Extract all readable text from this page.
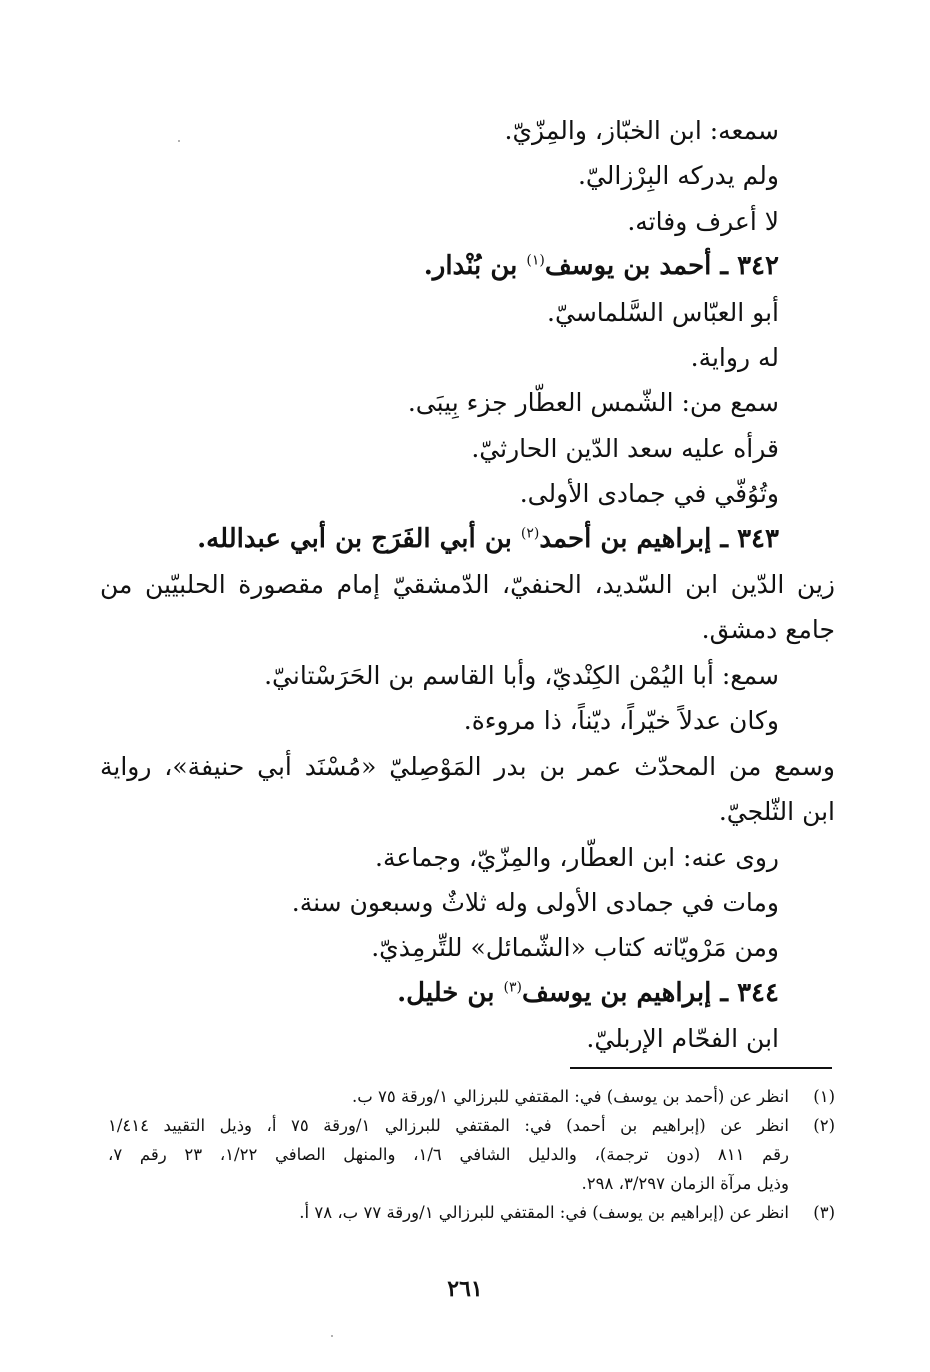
سمعه: ابن الخبّاز، والمِزّيّ.
ولم يدركه البِرْزاليّ.
لا أعرف وفاته.
٣٤٢ ـ أحمد بن يوسف$^{(١)}$ بن بُنْدار.
أبو العبّاس السَّلماسيّ.
له رواية.
سمع من: الشّمس العطّار جزء بِيبَى.
قرأه عليه سعد الدّين الحارثيّ.
وتُوُفّي في جمادى الأولى.
٣٤٣ ـ إبراهيم بن أحمد$^{(٢)}$ بن أبي الفَرَج بن أبي عبدالله.
زين الدّين ابن السّديد، الحنفيّ، الدّمشقيّ إمام مقصورة الحلبيّين من
جامع دمشق.
سمع: أبا اليُمْن الكِنْديّ، وأبا القاسم بن الحَرَسْتانيّ.
وكان عدلاً خيّراً، ديّناً، ذا مروءة.
وسمع من المحدّث عمر بن بدر المَوْصِليّ «مُسْنَد أبي حنيفة»، رواية
ابن الثّلجيّ.
روى عنه: ابن العطّار، والمِزّيّ، وجماعة.
ومات في جمادى الأولى وله ثلاثٌ وسبعون سنة.
ومن مَرْويّاته كتاب «الشّمائل» للتِّرمِذيّ.
٣٤٤ ـ إبراهيم بن يوسف$^{(٣)}$ بن خليل.
ابن الفحّام الإربليّ.
(١)
انظر عن (أحمد بن يوسف) في: المقتفي للبرزالي ١/ورقة ٧٥ ب.
(٢)
انظر عن (إبراهيم بن أحمد) في: المقتفي للبرزالي ١/ورقة ٧٥ أ، وذيل التقييد ١/٤١٤
رقم ٨١١ (دون ترجمة)، والدليل الشافي ١/٦، والمنهل الصافي ١/٢٢، ٢٣ رقم ٧،
وذيل مرآة الزمان ٣/٢٩٧، ٢٩٨.
(٣)
انظر عن (إبراهيم بن يوسف) في: المقتفي للبرزالي ١/ورقة ٧٧ ب، ٧٨ أ.
٢٦١
